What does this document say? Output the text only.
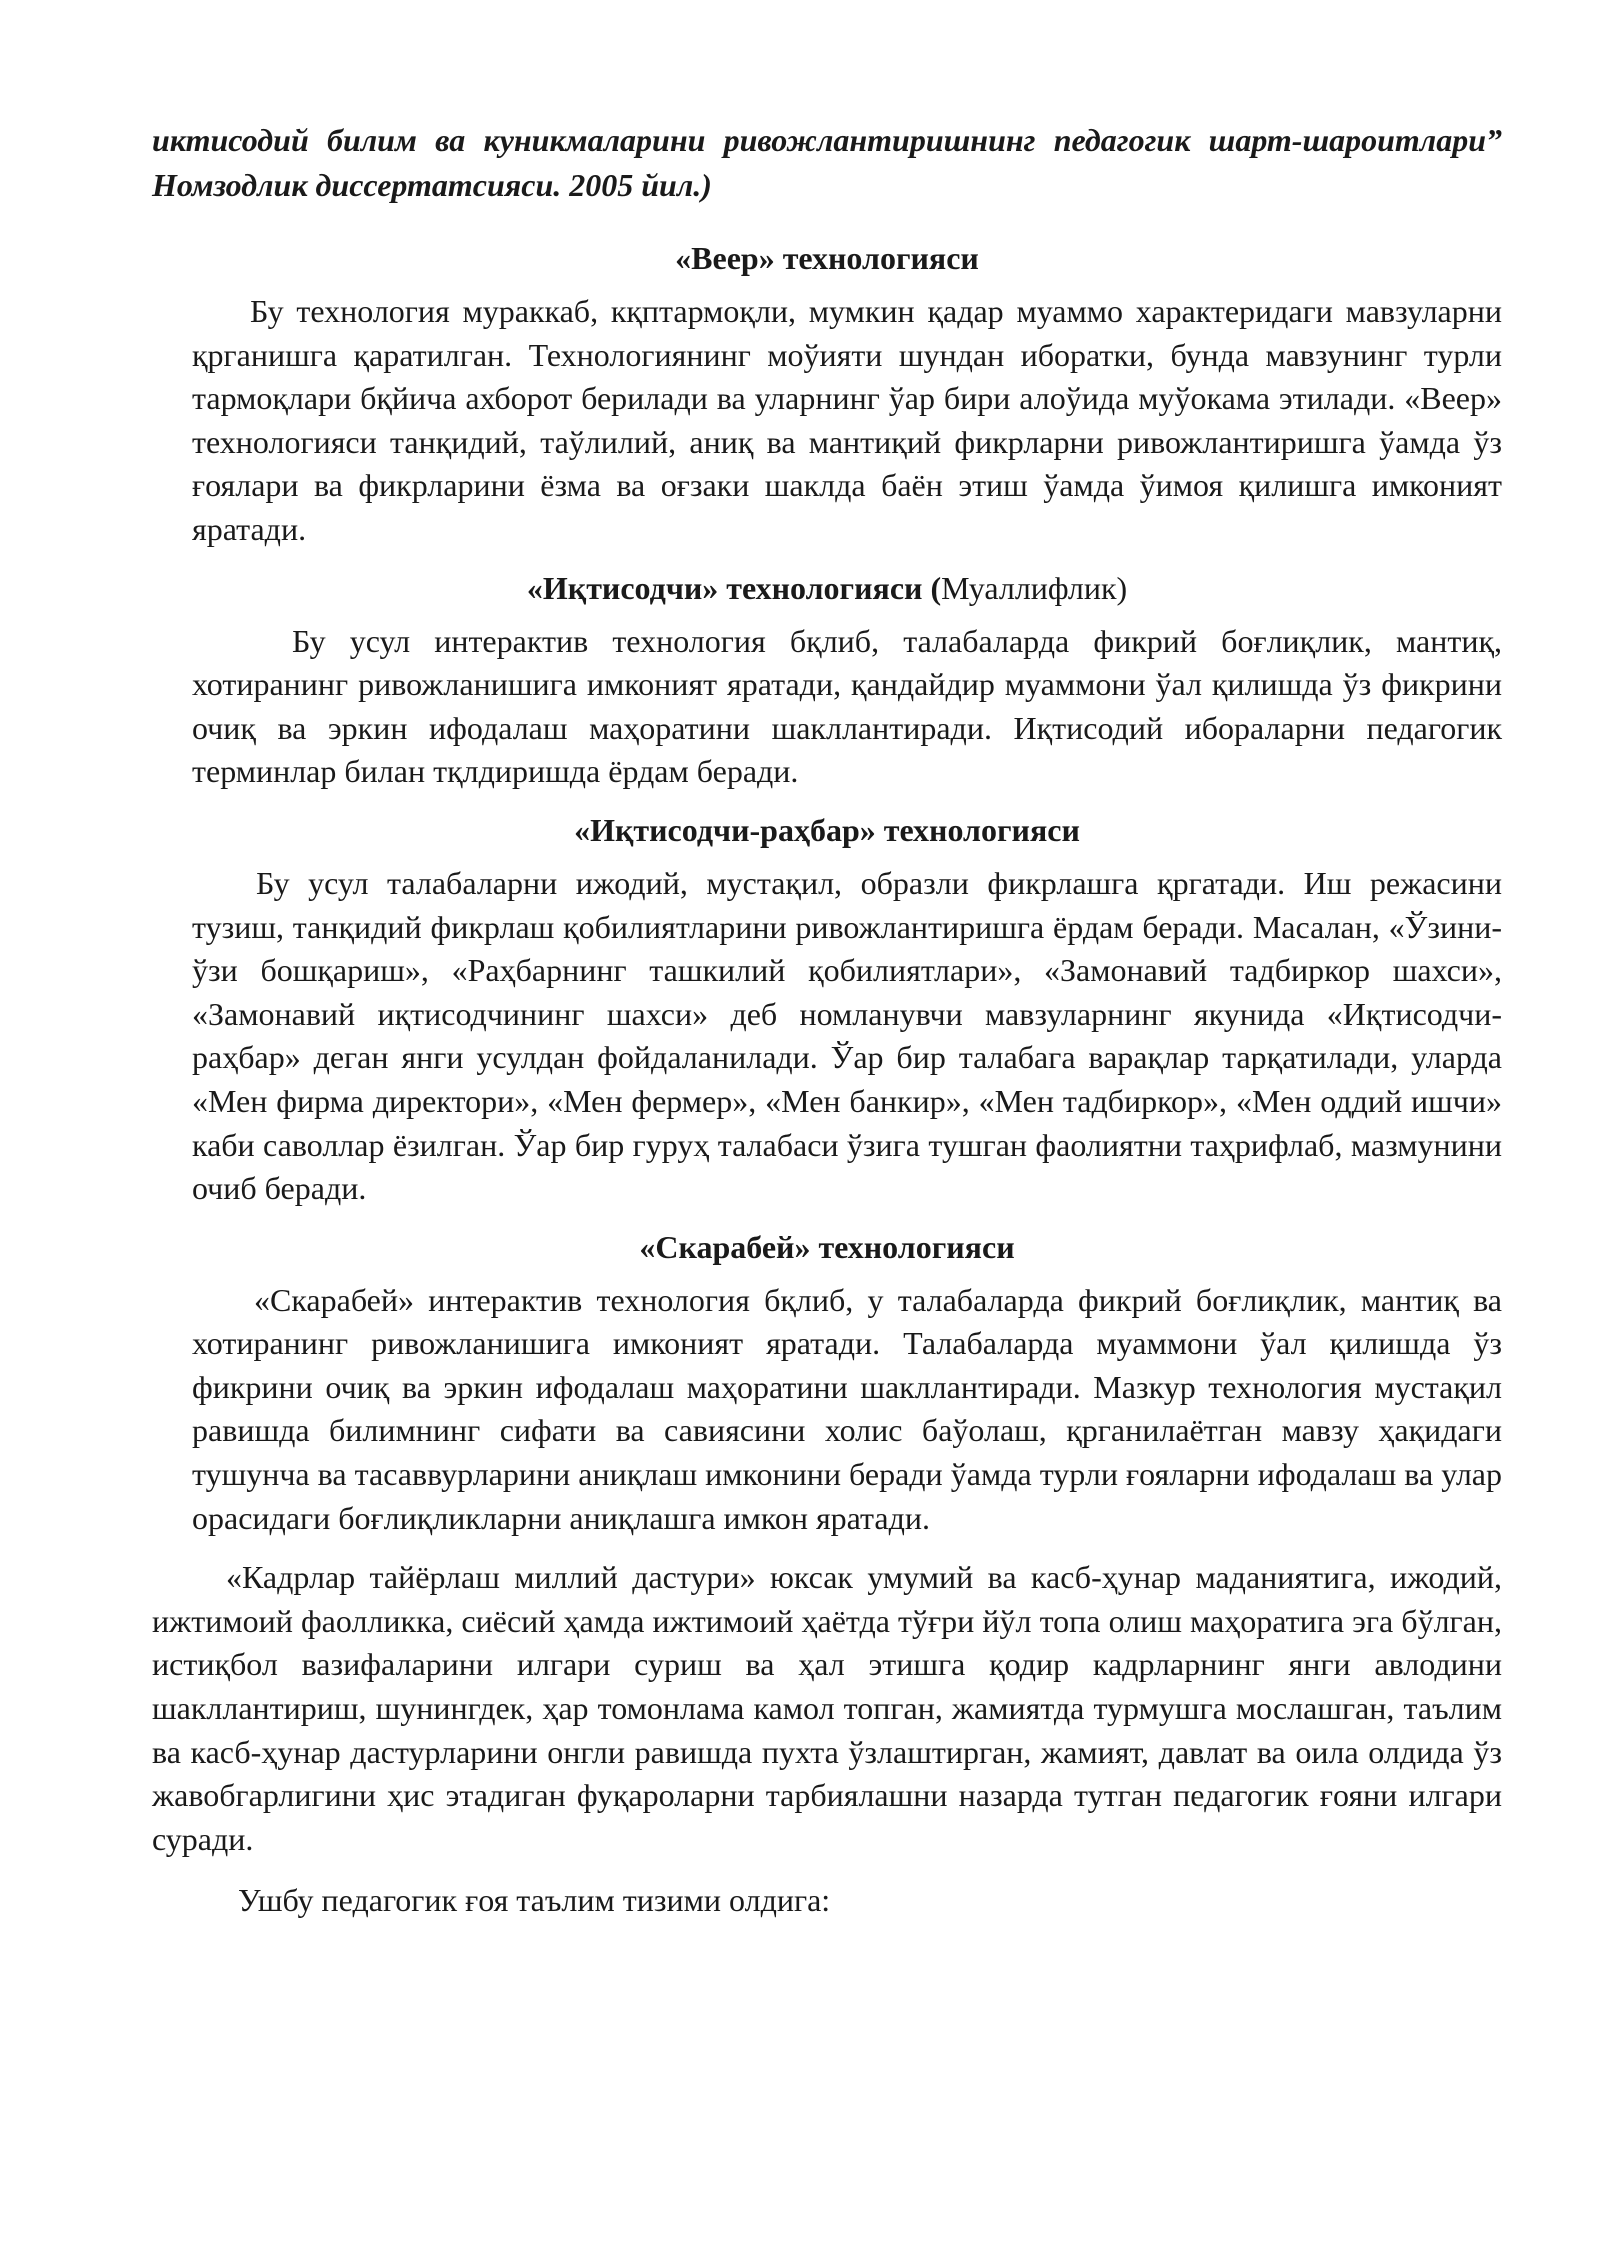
иктисодий билим ва куникмаларини ривожлантиришнинг педагогик шарт-шароитлари” Номзодлик диссертатсияси. 2005 йил.)

«Веер» технологияси

Бу технология мураккаб, кқптармоқли, мумкин қадар муаммо характеридаги мавзуларни қрганишга қаратилган. Технологиянинг моўияти шундан иборатки, бунда мавзунинг турли тармоқлари бқйича ахборот берилади ва уларнинг ўар бири алоўида муўокама этилади. «Веер» технологияси танқидий, таўлилий, аниқ ва мантиқий фикрларни ривожлантиришга ўамда ўз ғоялари ва фикрларини ёзма ва оғзаки шаклда баён этиш ўамда ўимоя қилишга имконият яратади.

«Иқтисодчи» технологияси (Муаллифлик)

Бу усул интерактив технология бқлиб, талабаларда фикрий боғлиқлик, мантиқ, хотиранинг ривожланишига имконият яратади, қандайдир муаммони ўал қилишда ўз фикрини очиқ ва эркин ифодалаш маҳоратини шакллантиради. Иқтисодий ибораларни педагогик терминлар билан тқлдиришда ёрдам беради.

«Иқтисодчи-раҳбар» технологияси

Бу усул талабаларни ижодий, мустақил, образли фикрлашга қргатади. Иш режасини тузиш, танқидий фикрлаш қобилиятларини ривожлантиришга ёрдам беради. Масалан, «Ўзини-ўзи бошқариш», «Раҳбарнинг ташкилий қобилиятлари», «Замонавий тадбиркор шахси», «Замонавий иқтисодчининг шахси» деб номланувчи мавзуларнинг якунида «Иқтисодчи-раҳбар» деган янги усулдан фойдаланилади. Ўар бир талабага варақлар тарқатилади, уларда «Мен фирма директори», «Мен фермер», «Мен банкир», «Мен тадбиркор», «Мен оддий ишчи» каби саволлар ёзилган. Ўар бир гуруҳ талабаси ўзига тушган фаолиятни таҳрифлаб, мазмунини очиб беради.

«Скарабей» технологияси

«Скарабей» интерактив технология бқлиб, у талабаларда фикрий боғлиқлик, мантиқ ва хотиранинг ривожланишига имконият яратади. Талабаларда муаммони ўал қилишда ўз фикрини очиқ ва эркин ифодалаш маҳоратини шакллантиради. Мазкур технология мустақил равишда билимнинг сифати ва савиясини холис баўолаш, қрганилаётган мавзу ҳақидаги тушунча ва тасаввурларини аниқлаш имконини беради ўамда турли ғояларни ифодалаш ва улар орасидаги боғлиқликларни аниқлашга имкон яратади.

«Кадрлар тайёрлаш миллий дастури» юксак умумий ва касб-ҳунар маданиятига, ижодий, ижтимоий фаолликка, сиёсий ҳамда ижтимоий ҳаётда тўғри йўл топа олиш маҳоратига эга бўлган, истиқбол вазифаларини илгари суриш ва ҳал этишга қодир кадрларнинг янги авлодини шакллантириш, шунингдек, ҳар томонлама камол топган, жамиятда турмушга мослашган, таълим ва касб-ҳунар дастурларини онгли равишда пухта ўзлаштирган, жамият, давлат ва оила олдида ўз жавобгарлигини ҳис этадиган фуқароларни тарбиялашни назарда тутган педагогик ғояни илгари суради.

Ушбу педагогик ғоя таълим тизими олдига:
